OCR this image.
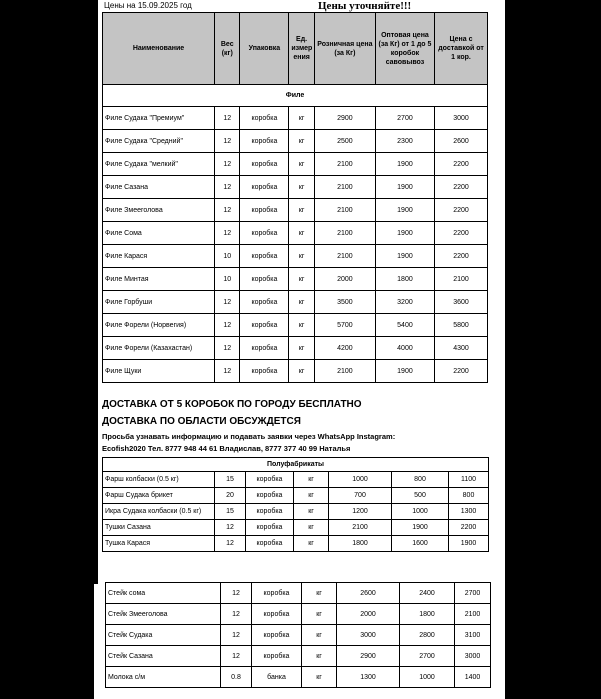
Цены на 15.09.2025 год	Цены уточняйте!!!
Наименование	Вес (кг)	Упаковка	Ед. измер ения	Розничная цена (за Кг)	Оптовая цена (за Кг) от 1 до 5 коробок савовывоз	Цена с доставкой от 1 кор.
Филе						
Филе Судака "Премиум"	12	коробка	кг	2900	2700	3000
Филе Судака "Средний"	12	коробка	кг	2500	2300	2600
Филе Судака "мелкий"	12	коробка	кг	2100	1900	2200
Филе Сазана	12	коробка	кг	2100	1900	2200
Филе Змееголова	12	коробка	кг	2100	1900	2200
Филе Сома	12	коробка	кг	2100	1900	2200
Филе Карася	10	коробка	кг	2100	1900	2200
Филе Минтая	10	коробка	кг	2000	1800	2100
Филе Горбуши	12	коробка	кг	3500	3200	3600
Филе Форели (Норвегия)	12	коробка	кг	5700	5400	5800
Филе Форели (Казахастан)	12	коробка	кг	4200	4000	4300
Филе Щуки	12	коробка	кг	2100	1900	2200
ДОСТАВКА ОТ 5 КОРОБОК ПО ГОРОДУ БЕСПЛАТНО
ДОСТАВКА ПО ОБЛАСТИ ОБСУЖДЕТСЯ
Просьба узнавать информацию и подавать заявки через WhatsApp Instagram:
Ecofish2020 Тел. 8777 948 44 61 Владислав, 8777 377 40 99 Наталья
Полуфабрикаты						
Фарш колбаски (0.5 кг)	15	коробка	кг	1000	800	1100
Фарш Судака брикет	20	коробка	кг	700	500	800
Икра Судака колбаски (0.5 кг)	15	коробка	кг	1200	1000	1300
Тушки Сазана	12	коробка	кг	2100	1900	2200
Тушка Карася	12	коробка	кг	1800	1600	1900
Стейк сома	12	коробка	кг	2600	2400	2700
Стейк Змееголова	12	коробка	кг	2000	1800	2100
Стейк Судака	12	коробка	кг	3000	2800	3100
Стейк Сазана	12	коробка	кг	2900	2700	3000
Молока с/м	0.8	банка	кг	1300	1000	1400
